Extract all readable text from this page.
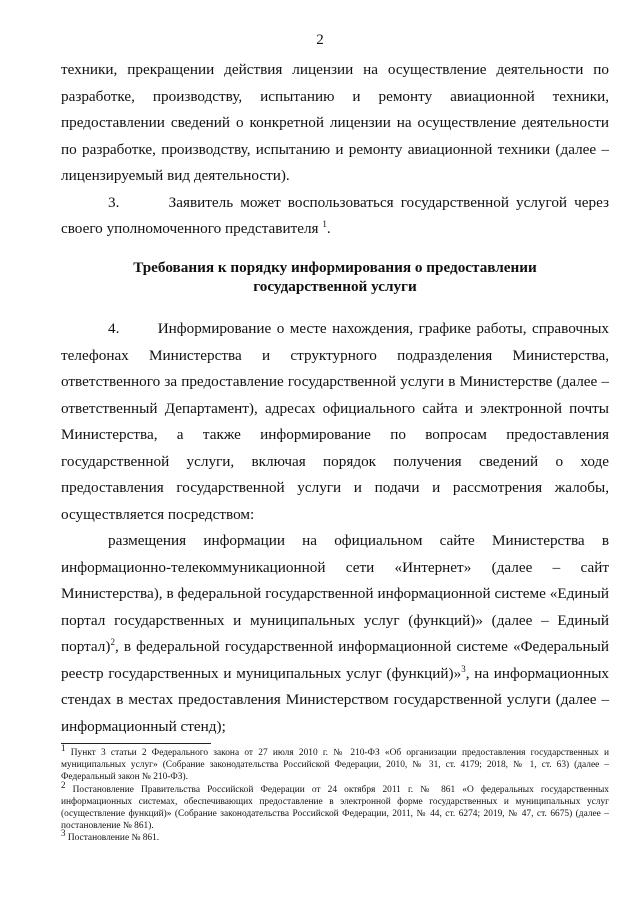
2

техники, прекращении действия лицензии на осуществление деятельности по разработке, производству, испытанию и ремонту авиационной техники, предоставлении сведений о конкретной лицензии на осуществление деятельности по разработке, производству, испытанию и ремонту авиационной техники (далее – лицензируемый вид деятельности).

3.	Заявитель может воспользоваться государственной услугой через своего уполномоченного представителя $^1$.

Требования к порядку информирования о предоставлении
государственной услуги

4.	Информирование о месте нахождения, графике работы, справочных телефонах Министерства и структурного подразделения Министерства, ответственного за предоставление государственной услуги в Министерстве (далее – ответственный Департамент), адресах официального сайта и электронной почты Министерства, а также информирование по вопросам предоставления государственной услуги, включая порядок получения сведений о ходе предоставления государственной услуги и подачи и рассмотрения жалобы, осуществляется посредством:

размещения информации на официальном сайте Министерства в информационно-телекоммуникационной сети «Интернет» (далее – сайт Министерства), в федеральной государственной информационной системе «Единый портал государственных и муниципальных услуг (функций)» (далее – Единый портал)$^2$, в федеральной государственной информационной системе «Федеральный реестр государственных и муниципальных услуг (функций)»$^3$, на информационных стендах в местах предоставления Министерством государственной услуги (далее – информационный стенд);

$^1$ Пункт 3 статьи 2 Федерального закона от 27 июля 2010 г. № 210-ФЗ «Об организации предоставления государственных и муниципальных услуг» (Собрание законодательства Российской Федерации, 2010, № 31, ст. 4179; 2018, № 1, ст. 63) (далее – Федеральный закон № 210-ФЗ).

$^2$ Постановление Правительства Российской Федерации от 24 октября 2011 г. № 861 «О федеральных государственных информационных системах, обеспечивающих предоставление в электронной форме государственных и муниципальных услуг (осуществление функций)» (Собрание законодательства Российской Федерации, 2011, № 44, ст. 6274; 2019, № 47, ст. 6675) (далее – постановление № 861).

$^3$ Постановление № 861.
